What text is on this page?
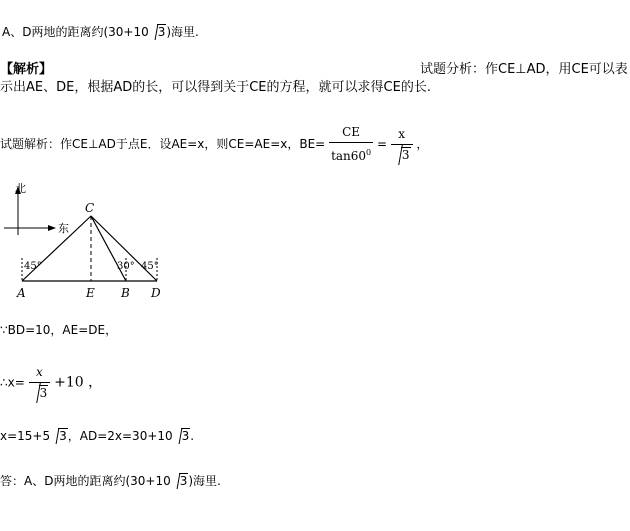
A、D两地的距离约(30+10 3)海里.
【解析】	试题分析：作CE⊥AD，用CE可以表
示出AE、DE，根据AD的长，可以得到关于CE的方程，就可以求得CE的长.
试题解析：作CE⊥AD于点E．设AE=x，则CE=AE=x，$BE= \frac{CE}{\tan 60^0} = \frac{x}{3}$ ，
北
东
45°	30° 45°
C
A	E B D
∵BD=10，AE=DE，
∴x= $\frac{x}{3} +10$ ，
x=15+5 3，AD=2x=30+10 3.
答：A、D两地的距离约(30+10 3)海里.
